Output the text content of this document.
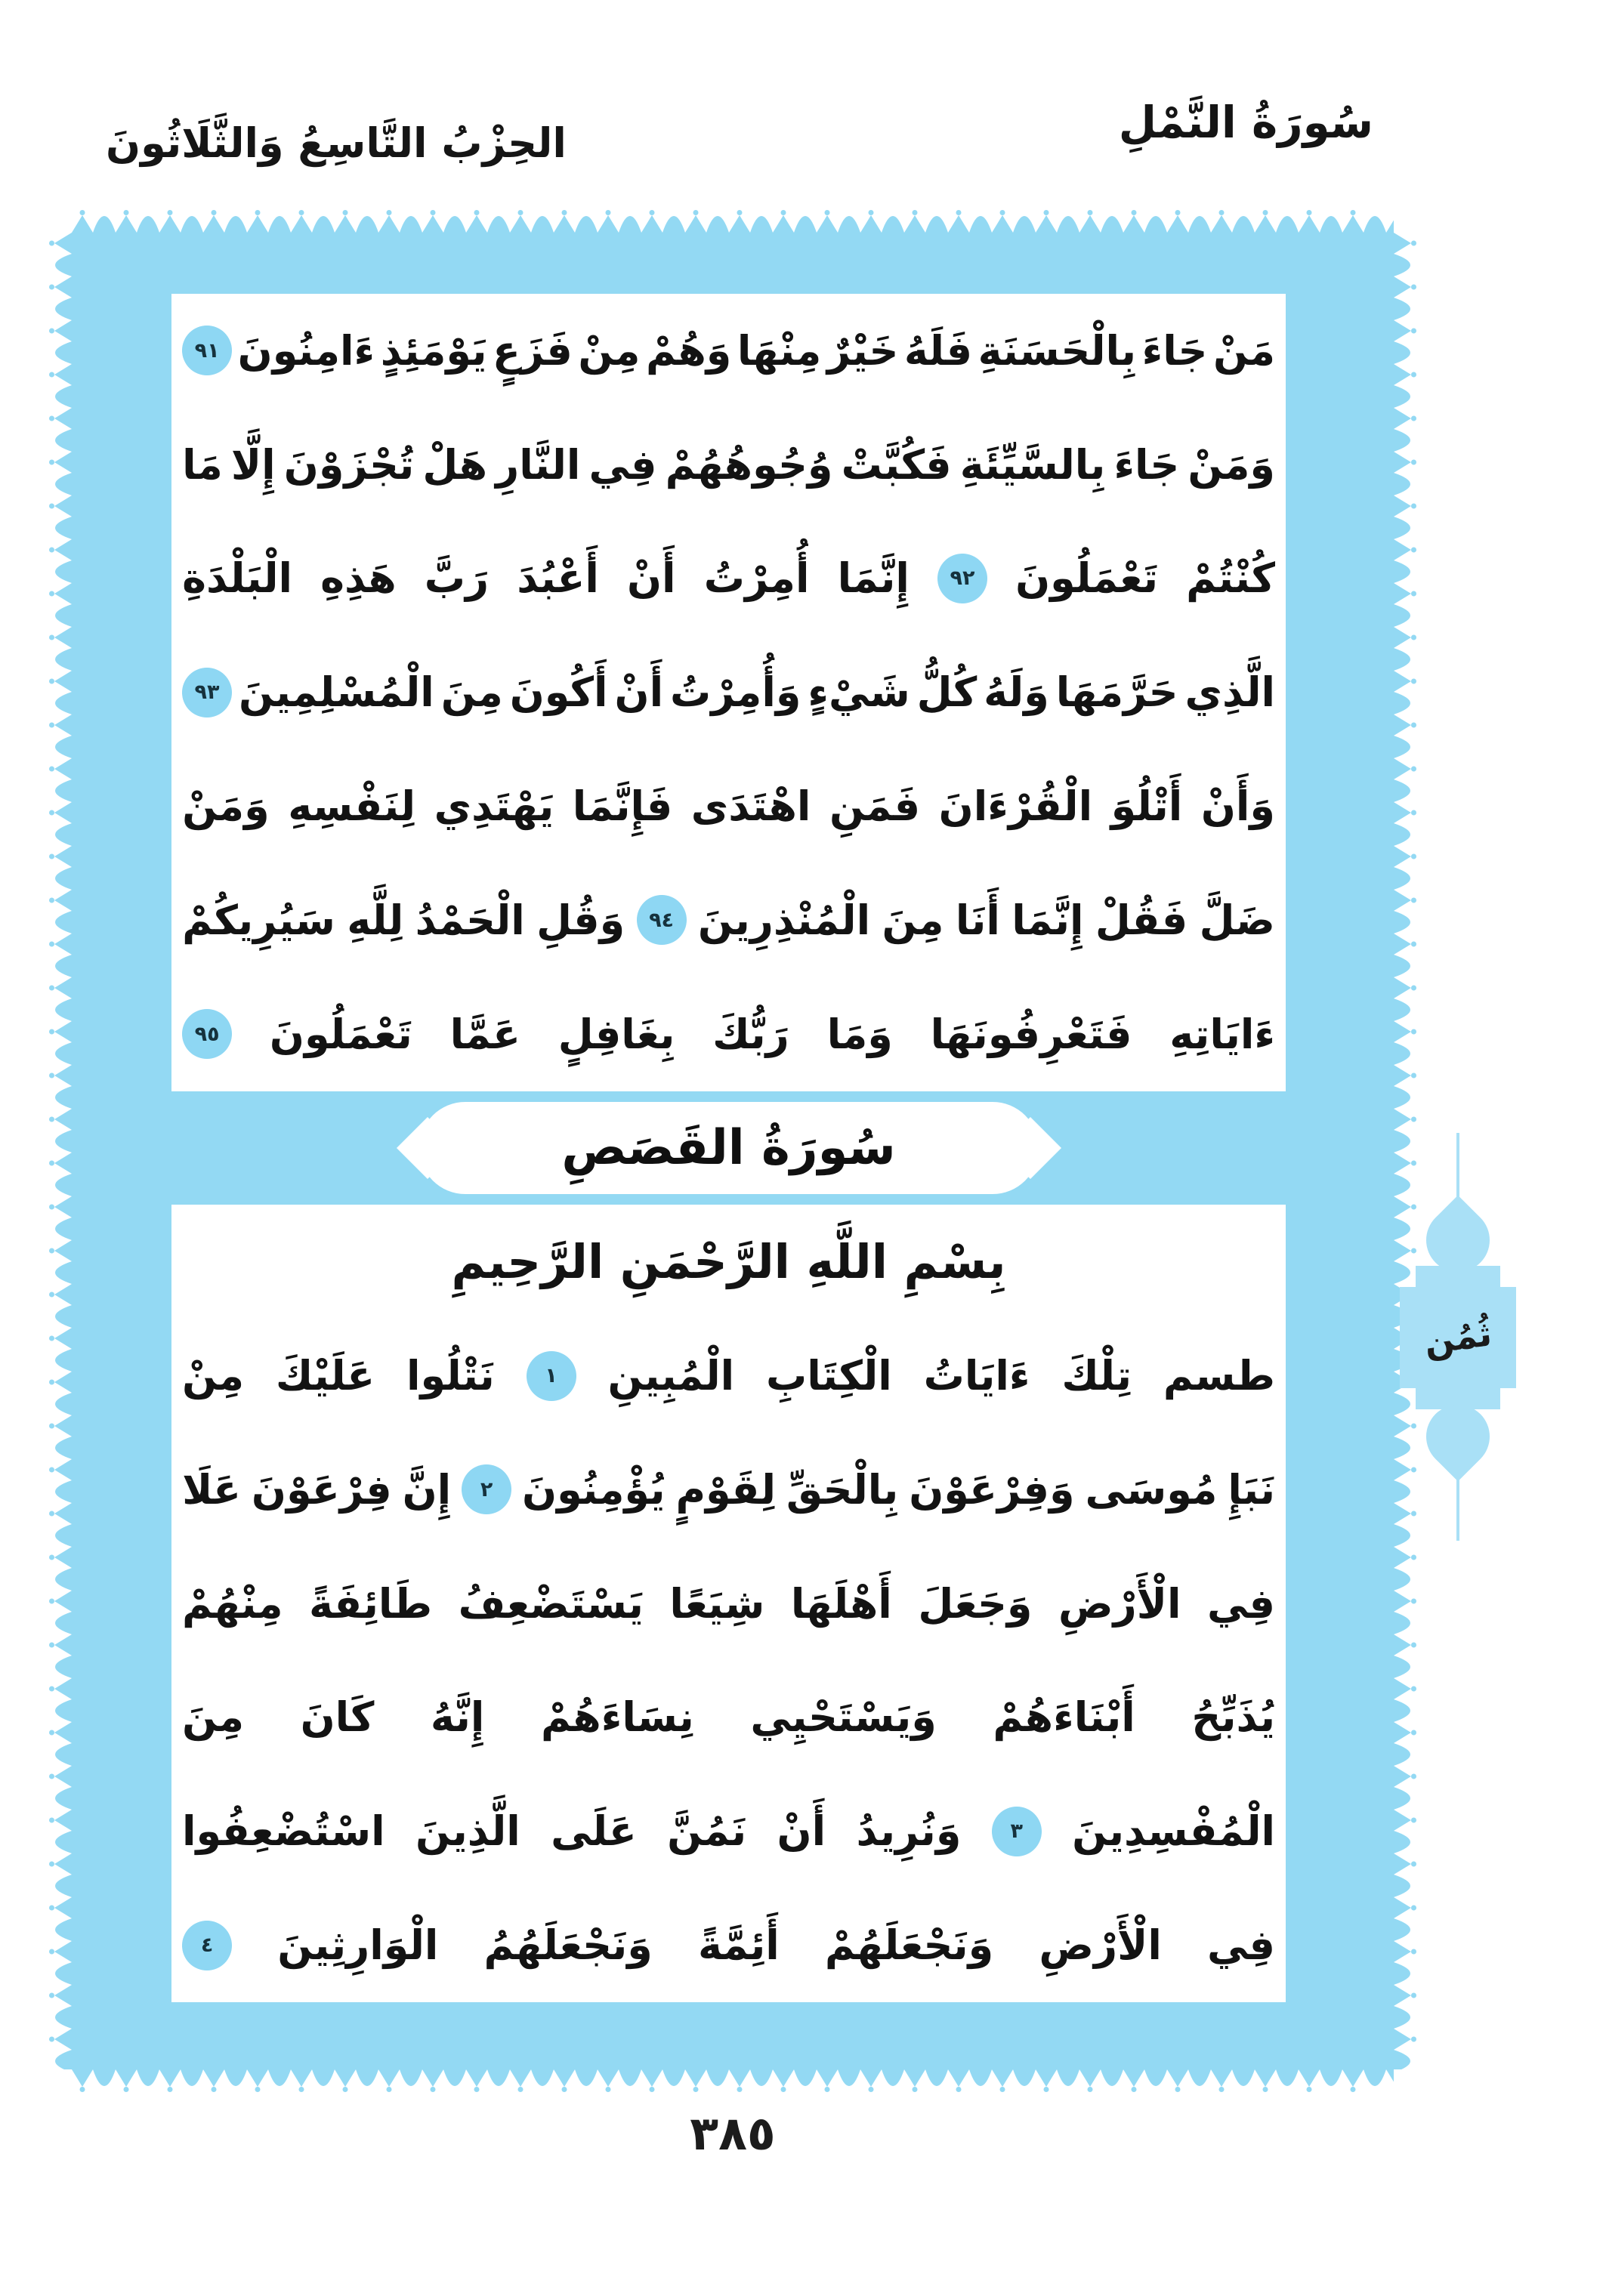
الحِزْبُ التَّاسِعُ وَالثَّلَاثُونَ	سُورَةُ النَّمْلِ
مَنْ
جَاءَ
بِالْحَسَنَةِ
فَلَهُ
خَيْرٌ
مِنْهَا
وَهُمْ
مِنْ
فَزَعٍ
يَوْمَئِذٍ
ءَامِنُونَ
٩١
وَمَنْ
جَاءَ
بِالسَّيِّئَةِ
فَكُبَّتْ
وُجُوهُهُمْ
فِي
النَّارِ
هَلْ
تُجْزَوْنَ
إِلَّا
مَا
كُنْتُمْ
تَعْمَلُونَ
٩٢
إِنَّمَا
أُمِرْتُ
أَنْ
أَعْبُدَ
رَبَّ
هَذِهِ
الْبَلْدَةِ
الَّذِي
حَرَّمَهَا
وَلَهُ
كُلُّ
شَيْءٍ
وَأُمِرْتُ
أَنْ
أَكُونَ
مِنَ
الْمُسْلِمِينَ
٩٣
وَأَنْ
أَتْلُوَ
الْقُرْءَانَ
فَمَنِ
اهْتَدَى
فَإِنَّمَا
يَهْتَدِي
لِنَفْسِهِ
وَمَنْ
ضَلَّ
فَقُلْ
إِنَّمَا
أَنَا
مِنَ
الْمُنْذِرِينَ
٩٤
وَقُلِ
الْحَمْدُ
لِلَّهِ
سَيُرِيكُمْ
ءَايَاتِهِ
فَتَعْرِفُونَهَا
وَمَا
رَبُّكَ
بِغَافِلٍ
عَمَّا
تَعْمَلُونَ
٩٥
سُورَةُ القَصَصِ
بِسْمِ اللَّهِ الرَّحْمَنِ الرَّحِيمِ
طسم
تِلْكَ
ءَايَاتُ
الْكِتَابِ
الْمُبِينِ
١
نَتْلُوا
عَلَيْكَ
مِنْ
نَبَإِ
مُوسَى
وَفِرْعَوْنَ
بِالْحَقِّ
لِقَوْمٍ
يُؤْمِنُونَ
٢
إِنَّ
فِرْعَوْنَ
عَلَا
فِي
الْأَرْضِ
وَجَعَلَ
أَهْلَهَا
شِيَعًا
يَسْتَضْعِفُ
طَائِفَةً
مِنْهُمْ
يُذَبِّحُ
أَبْنَاءَهُمْ
وَيَسْتَحْيِي
نِسَاءَهُمْ
إِنَّهُ
كَانَ
مِنَ
الْمُفْسِدِينَ
٣
وَنُرِيدُ
أَنْ
نَمُنَّ
عَلَى
الَّذِينَ
اسْتُضْعِفُوا
فِي
الْأَرْضِ
وَنَجْعَلَهُمْ
أَئِمَّةً
وَنَجْعَلَهُمُ
الْوَارِثِينَ
٤
ثُمُن
٣٨٥
